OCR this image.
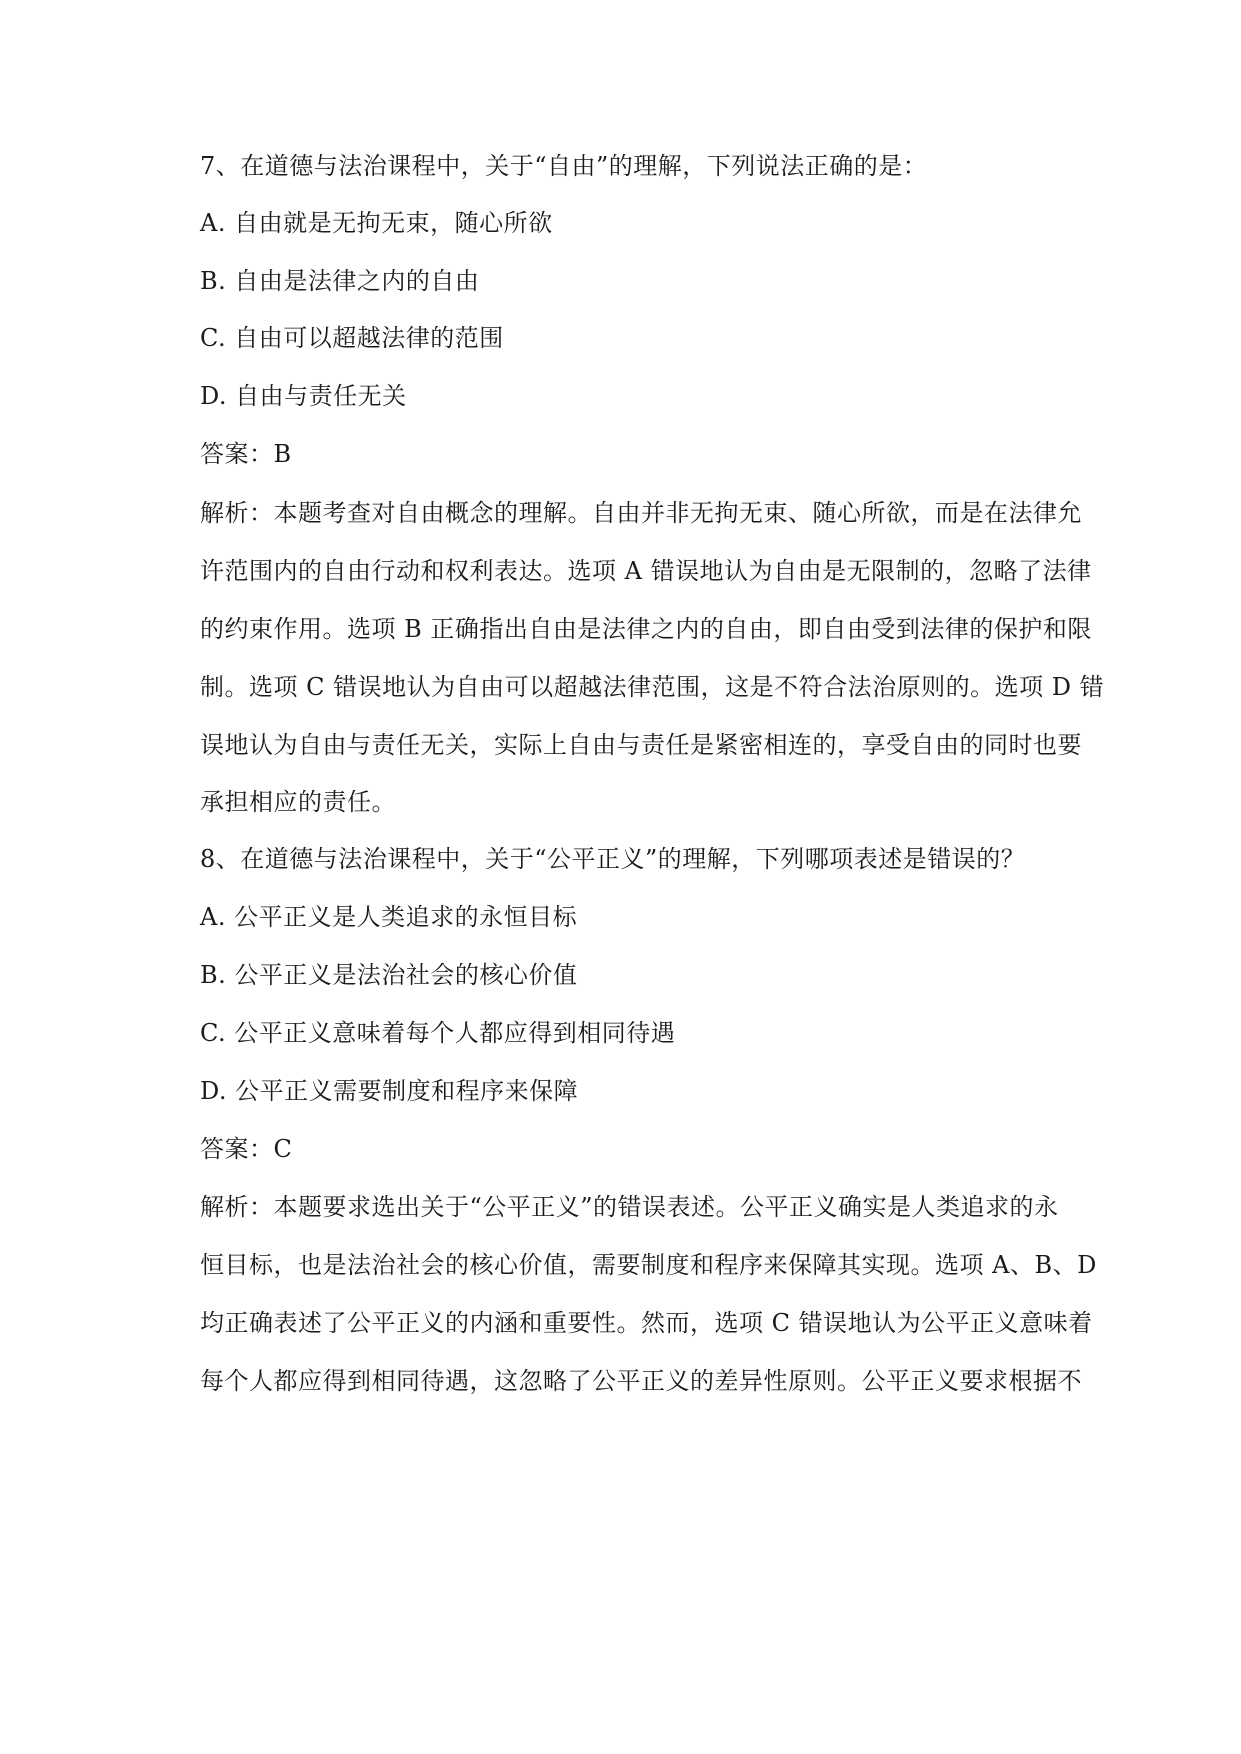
7、在道德与法治课程中，关于“自由”的理解，下列说法正确的是：
A. 自由就是无拘无束，随心所欲
B. 自由是法律之内的自由
C. 自由可以超越法律的范围
D. 自由与责任无关
答案：B
解析：本题考查对自由概念的理解。自由并非无拘无束、随心所欲，而是在法律允
许范围内的自由行动和权利表达。选项 A 错误地认为自由是无限制的，忽略了法律
的约束作用。选项 B 正确指出自由是法律之内的自由，即自由受到法律的保护和限
制。选项 C 错误地认为自由可以超越法律范围，这是不符合法治原则的。选项 D 错
误地认为自由与责任无关，实际上自由与责任是紧密相连的，享受自由的同时也要
承担相应的责任。
8、在道德与法治课程中，关于“公平正义”的理解，下列哪项表述是错误的？
A. 公平正义是人类追求的永恒目标
B. 公平正义是法治社会的核心价值
C. 公平正义意味着每个人都应得到相同待遇
D. 公平正义需要制度和程序来保障
答案：C
解析：本题要求选出关于“公平正义”的错误表述。公平正义确实是人类追求的永
恒目标，也是法治社会的核心价值，需要制度和程序来保障其实现。选项 A、B、D
均正确表述了公平正义的内涵和重要性。然而，选项 C 错误地认为公平正义意味着
每个人都应得到相同待遇，这忽略了公平正义的差异性原则。公平正义要求根据不
